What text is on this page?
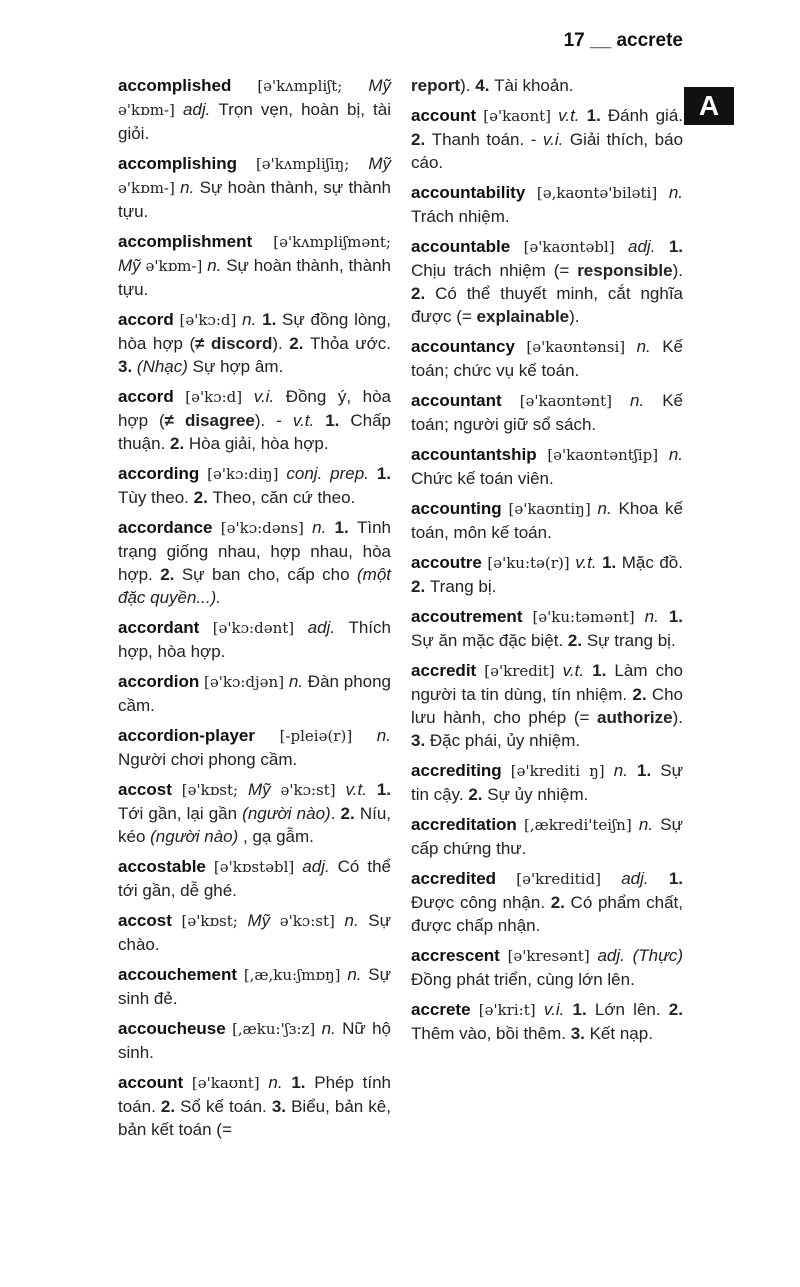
17 __ accrete
A
accomplished [ə'kʌmpliʃt; Mỹ ə'kɒm-] adj. Trọn vẹn, hoàn bị, tài giỏi.
accomplishing [ə'kʌmpliʃiŋ; Mỹ ə'kɒm-] n. Sự hoàn thành, sự thành tựu.
accomplishment [ə'kʌmpliʃmənt; Mỹ ə'kɒm-] n. Sự hoàn thành, thành tựu.
accord [ə'kɔ:d] n. 1. Sự đồng lòng, hòa hợp (≠ discord). 2. Thỏa ước. 3. (Nhạc) Sự hợp âm.
accord [ə'kɔ:d] v.i. Đồng ý, hòa hợp (≠ disagree). - v.t. 1. Chấp thuận. 2. Hòa giải, hòa hợp.
according [ə'kɔ:diŋ] conj. prep. 1. Tùy theo. 2. Theo, căn cứ theo.
accordance [ə'kɔ:dəns] n. 1. Tình trạng giống nhau, hợp nhau, hòa hợp. 2. Sự ban cho, cấp cho (một đặc quyền...).
accordant [ə'kɔ:dənt] adj. Thích hợp, hòa hợp.
accordion [ə'kɔ:djən] n. Đàn phong cầm.
accordion-player [-pleiə(r)] n. Người chơi phong cầm.
accost [ə'kɒst; Mỹ ə'kɔ:st] v.t. 1. Tới gần, lại gần (người nào). 2. Níu, kéo (người nào) , gạ gẫm.
accostable [ə'kɒstəbl] adj. Có thể tới gần, dễ ghé.
accost [ə'kɒst; Mỹ ə'kɔ:st] n. Sự chào.
accouchement [,æ,ku:ʃmɒŋ] n. Sự sinh đẻ.
accoucheuse [,æku:'ʃɜ:z] n. Nữ hộ sinh.
account [ə'kaʊnt] n. 1. Phép tính toán. 2. Sổ kế toán. 3. Biểu, bản kê, bản kết toán (=
report). 4. Tài khoản.
account [ə'kaʊnt] v.t. 1. Đánh giá. 2. Thanh toán. - v.i. Giải thích, báo cáo.
accountability [ə,kaʊntə'biləti] n. Trách nhiệm.
accountable [ə'kaʊntəbl] adj. 1. Chịu trách nhiệm (= responsible). 2. Có thể thuyết minh, cắt nghĩa được (= explainable).
accountancy [ə'kaʊntənsi] n. Kế toán; chức vụ kế toán.
accountant [ə'kaʊntənt] n. Kế toán; người giữ sổ sách.
accountantship [ə'kaʊntəntʃip] n. Chức kế toán viên.
accounting [ə'kaʊntiŋ] n. Khoa kế toán, môn kế toán.
accoutre [ə'ku:tə(r)] v.t. 1. Mặc đồ. 2. Trang bị.
accoutrement [ə'ku:təmənt] n. 1. Sự ăn mặc đặc biệt. 2. Sự trang bị.
accredit [ə'kredit] v.t. 1. Làm cho người ta tin dùng, tín nhiệm. 2. Cho lưu hành, cho phép (= authorize). 3. Đặc phái, ủy nhiệm.
accrediting [ə'krediti ŋ] n. 1. Sự tin cậy. 2. Sự ủy nhiệm.
accreditation [,ækredi'teiʃn] n. Sự cấp chứng thư.
accredited [ə'kreditid] adj. 1. Được công nhận. 2. Có phẩm chất, được chấp nhận.
accrescent [ə'kresənt] adj. (Thực) Đồng phát triển, cùng lớn lên.
accrete [ə'kri:t] v.i. 1. Lớn lên. 2. Thêm vào, bồi thêm. 3. Kết nạp.
